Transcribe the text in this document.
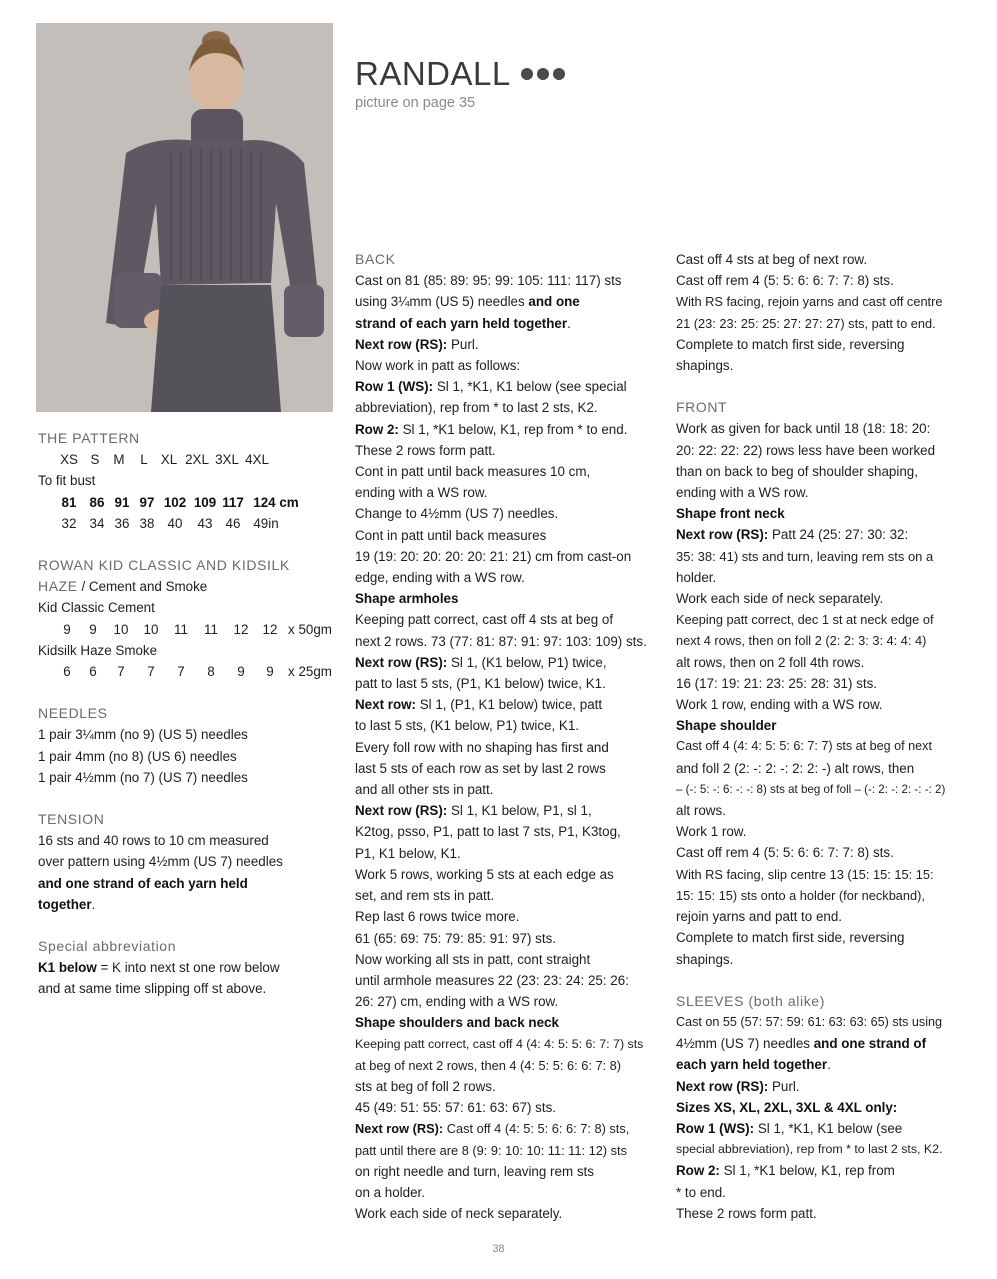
RANDALL
picture on page 35

THE PATTERN

XS S	M	L XL 2XL 3XL 4XL

To fit bust

81 86 91 97 102 109 117 124 cm
32 34 36 38 40	43 46 49in

ROWAN KID CLASSIC AND KIDSILK

HAZE / Cement and Smoke

Kid Classic Cement

9	9	10	10	11	11	12	12 x 50gm

Kidsilk Haze Smoke

6	6	7	7	7	8	9	9	x 25gm

NEEDLES

1 pair 3¼mm (no 9) (US 5) needles

1 pair 4mm (no 8) (US 6) needles

1 pair 4½mm (no 7) (US 7) needles

TENSION

16 sts and 40 rows to 10 cm measured

over pattern using 4½mm (US 7) needles

and one strand of each yarn held

together.

Special abbreviation

K1 below = K into next st one row below

and at same time slipping off st above.

BACK

Cast on 81 (85: 89: 95: 99: 105: 111: 117) sts

using 3¼mm (US 5) needles and one

strand of each yarn held together.

Next row (RS): Purl.

Now work in patt as follows:

Row 1 (WS): Sl 1, *K1, K1 below (see special

abbreviation), rep from * to last 2 sts, K2.

Row 2: Sl 1, *K1 below, K1, rep from * to end.

These 2 rows form patt.

Cont in patt until back measures 10 cm,

ending with a WS row.

Change to 4½mm (US 7) needles.

Cont in patt until back measures

19 (19: 20: 20: 20: 20: 21: 21) cm from cast-on

edge, ending with a WS row.

Shape armholes

Keeping patt correct, cast off 4 sts at beg of

next 2 rows. 73 (77: 81: 87: 91: 97: 103: 109) sts.

Next row (RS): Sl 1, (K1 below, P1) twice,

patt to last 5 sts, (P1, K1 below) twice, K1.

Next row: Sl 1, (P1, K1 below) twice, patt

to last 5 sts, (K1 below, P1) twice, K1.

Every foll row with no shaping has first and

last 5 sts of each row as set by last 2 rows

and all other sts in patt.

Next row (RS): Sl 1, K1 below, P1, sl 1,

K2tog, psso, P1, patt to last 7 sts, P1, K3tog,

P1, K1 below, K1.

Work 5 rows, working 5 sts at each edge as

set, and rem sts in patt.

Rep last 6 rows twice more.

61 (65: 69: 75: 79: 85: 91: 97) sts.

Now working all sts in patt, cont straight

until armhole measures 22 (23: 23: 24: 25: 26:

26: 27) cm, ending with a WS row.

Shape shoulders and back neck

Keeping patt correct, cast off 4 (4: 4: 5: 5: 6: 7: 7) sts

at beg of next 2 rows, then 4 (4: 5: 5: 6: 6: 7: 8)

sts at beg of foll 2 rows.

45 (49: 51: 55: 57: 61: 63: 67) sts.

Next row (RS): Cast off 4 (4: 5: 5: 6: 6: 7: 8) sts,

patt until there are 8 (9: 9: 10: 10: 11: 11: 12) sts

on right needle and turn, leaving rem sts

on a holder.

Work each side of neck separately.

Cast off 4 sts at beg of next row.

Cast off rem 4 (5: 5: 6: 6: 7: 7: 8) sts.

With RS facing, rejoin yarns and cast off centre

21 (23: 23: 25: 25: 27: 27: 27) sts, patt to end.

Complete to match first side, reversing

shapings.

FRONT

Work as given for back until 18 (18: 18: 20:

20: 22: 22: 22) rows less have been worked

than on back to beg of shoulder shaping,

ending with a WS row.

Shape front neck

Next row (RS): Patt 24 (25: 27: 30: 32:

35: 38: 41) sts and turn, leaving rem sts on a

holder.

Work each side of neck separately.

Keeping patt correct, dec 1 st at neck edge of

next 4 rows, then on foll 2 (2: 2: 3: 3: 4: 4: 4)

alt rows, then on 2 foll 4th rows.

16 (17: 19: 21: 23: 25: 28: 31) sts.

Work 1 row, ending with a WS row.

Shape shoulder

Cast off 4 (4: 4: 5: 5: 6: 7: 7) sts at beg of next

and foll 2 (2: -: 2: -: 2: 2: -) alt rows, then

– (-: 5: -: 6: -: -: 8) sts at beg of foll – (-: 2: -: 2: -: -: 2)

alt rows.

Work 1 row.

Cast off rem 4 (5: 5: 6: 6: 7: 7: 8) sts.

With RS facing, slip centre 13 (15: 15: 15: 15:

15: 15: 15) sts onto a holder (for neckband),

rejoin yarns and patt to end.

Complete to match first side, reversing

shapings.

SLEEVES (both alike)

Cast on 55 (57: 57: 59: 61: 63: 63: 65) sts using

4½mm (US 7) needles and one strand of

each yarn held together.

Next row (RS): Purl.

Sizes XS, XL, 2XL, 3XL & 4XL only:

Row 1 (WS): Sl 1, *K1, K1 below (see

special abbreviation), rep from * to last 2 sts, K2.

Row 2: Sl 1, *K1 below, K1, rep from

* to end.

These 2 rows form patt.

38
